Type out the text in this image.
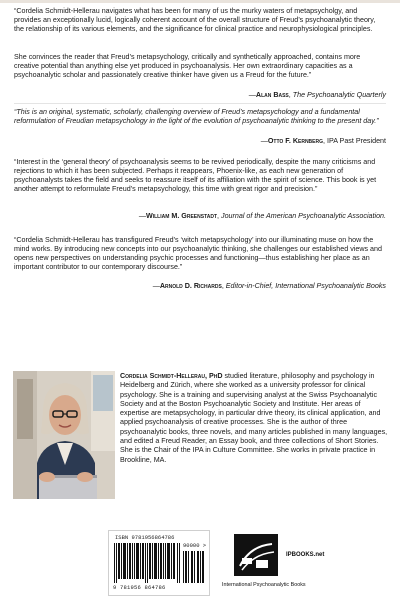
“Cordelia Schmidt-Hellerau navigates what has been for many of us the murky waters of metapsycholgy, and provides an exceptionally lucid, logically coherent account of the overall structure of Freud’s psychoanalytic theory, the relationship of its various elements, and the significance for clinical practice and neurophysiological principles.

She convinces the reader that Freud’s metapsychology, critically and synthetically approached, contains more creative potential than anything else yet produced in psychoanalysis. Her own extraordinary capacities as a psychoanalytic scholar and passionately creative thinker have given us a Freud for the future.”

—Alan Bass, The Psychoanalytic Quarterly

“This is an original, systematic, scholarly, challenging overview of Freud’s metapsychology and a fundamental reformulation of Freudian metapsychology in the light of the evolution of psychoanalytic thinking to the present day.”

—Otto F. Kernberg, IPA Past President

“Interest in the ‘general theory’ of psychoanalysis seems to be revived periodically, despite the many criticisms and rejections to which it has been subjected. Perhaps it reappears, Phoenix-like, as each new generation of psychoanalysts takes the field and seeks to reassure itself of its affiliation with the spirit of science. This book is yet another attempt to reformulate Freud’s metapsychology, this time with great rigor and precision.”

—William M. Greenstadt, Journal of the American Psychoanalytic Association.

“Cordelia Schmidt-Hellerau has transfigured Freud’s ‘witch metapsychology’ into our illuminating muse on how the mind works. By introducing new concepts into our psychoanalytic thinking, she challenges our established views and opens new perspectives on understanding psychic processes and functioning—thus establishing her place as an important contributor to our contemporary discourse.”

—Arnold D. Richards, Editor-in-Chief, International Psychoanalytic Books
Cordelia Schmidt-Hellerau, PhD studied literature, philosophy and psychology in Heidelberg and Zürich, where she worked as a university professor for clinical psychology. She is a training and supervising analyst at the Swiss Psychoanalytic Society and at the Boston Psychoanalytic Society and Institute. Her areas of expertise are metapsychology, in particular drive theory, its clinical application, and applied psychoanalysis of creative processes. She is the author of three psychoanalytic books, three novels, and many articles published in many languages, and edited a Freud Reader, an Essay book, and three collections of Short Stories. She is the Chair of the IPA in Culture Committee. She works in private practice in Brookline, MA.
ISBN 9781956864786
90000 >
9 781956 864786
IPBOOKS.net
International Psychoanalytic Books
